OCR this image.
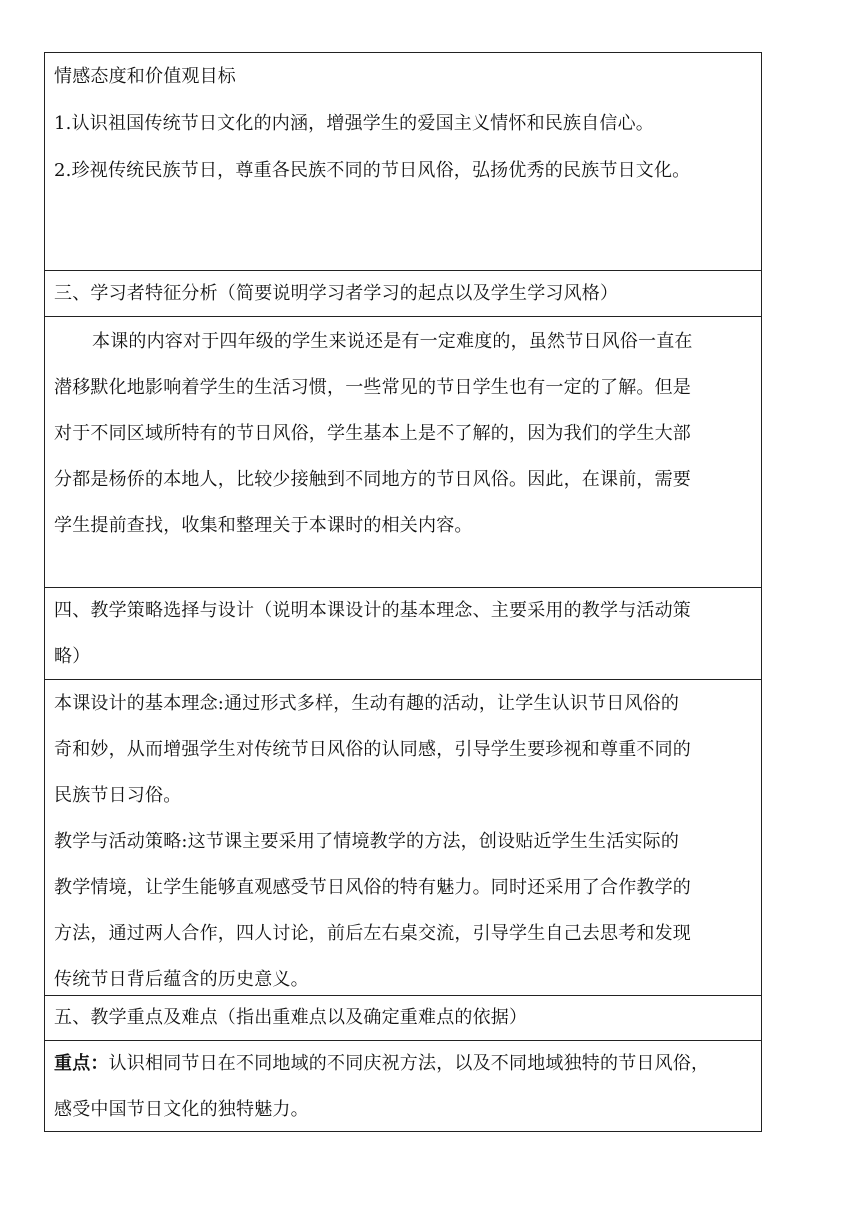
情感态度和价值观目标
1.认识祖国传统节日文化的内涵，增强学生的爱国主义情怀和民族自信心。
2.珍视传统民族节日，尊重各民族不同的节日风俗，弘扬优秀的民族节日文化。
三、学习者特征分析（简要说明学习者学习的起点以及学生学习风格）
本课的内容对于四年级的学生来说还是有一定难度的，虽然节日风俗一直在
潜移默化地影响着学生的生活习惯，一些常见的节日学生也有一定的了解。但是
对于不同区域所特有的节日风俗，学生基本上是不了解的，因为我们的学生大部
分都是杨侨的本地人，比较少接触到不同地方的节日风俗。因此，在课前，需要
学生提前查找，收集和整理关于本课时的相关内容。
四、教学策略选择与设计（说明本课设计的基本理念、主要采用的教学与活动策
略）
本课设计的基本理念:通过形式多样，生动有趣的活动，让学生认识节日风俗的
奇和妙，从而增强学生对传统节日风俗的认同感，引导学生要珍视和尊重不同的
民族节日习俗。
教学与活动策略:这节课主要采用了情境教学的方法，创设贴近学生生活实际的
教学情境，让学生能够直观感受节日风俗的特有魅力。同时还采用了合作教学的
方法，通过两人合作，四人讨论，前后左右桌交流，引导学生自己去思考和发现
传统节日背后蕴含的历史意义。
五、教学重点及难点（指出重难点以及确定重难点的依据）
重点：认识相同节日在不同地域的不同庆祝方法，以及不同地域独特的节日风俗，
感受中国节日文化的独特魅力。
